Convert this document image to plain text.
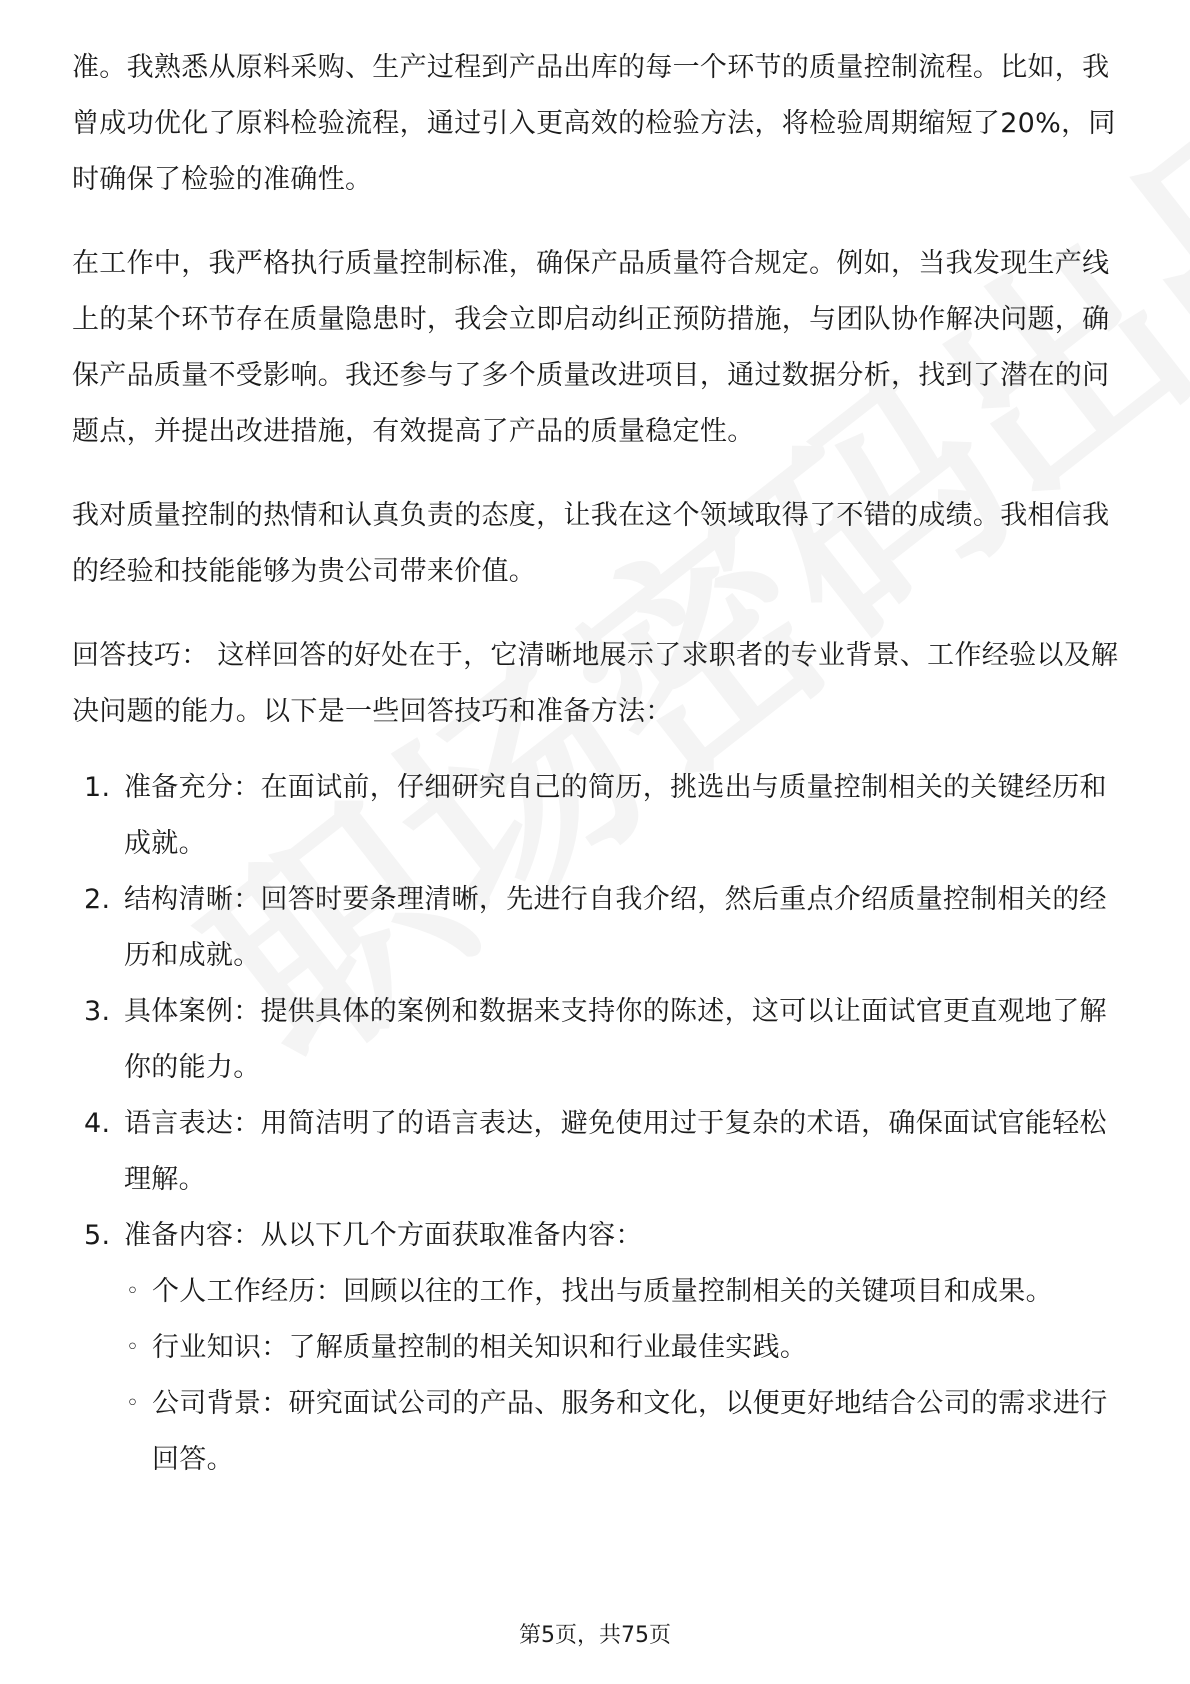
准。我熟悉从原料采购、生产过程到产品出库的每一个环节的质量控制流程。比如，我曾成功优化了原料检验流程，通过引入更高效的检验方法，将检验周期缩短了20%，同时确保了检验的准确性。

在工作中，我严格执行质量控制标准，确保产品质量符合规定。例如，当我发现生产线上的某个环节存在质量隐患时，我会立即启动纠正预防措施，与团队协作解决问题，确保产品质量不受影响。我还参与了多个质量改进项目，通过数据分析，找到了潜在的问题点，并提出改进措施，有效提高了产品的质量稳定性。

我对质量控制的热情和认真负责的态度，让我在这个领域取得了不错的成绩。我相信我的经验和技能能够为贵公司带来价值。

回答技巧： 这样回答的好处在于，它清晰地展示了求职者的专业背景、工作经验以及解决问题的能力。以下是一些回答技巧和准备方法：

1. 准备充分：在面试前，仔细研究自己的简历，挑选出与质量控制相关的关键经历和成就。
2. 结构清晰：回答时要条理清晰，先进行自我介绍，然后重点介绍质量控制相关的经历和成就。
3. 具体案例：提供具体的案例和数据来支持你的陈述，这可以让面试官更直观地了解你的能力。
4. 语言表达：用简洁明了的语言表达，避免使用过于复杂的术语，确保面试官能轻松理解。
5. 准备内容：从以下几个方面获取准备内容：
◦ 个人工作经历：回顾以往的工作，找出与质量控制相关的关键项目和成果。
◦ 行业知识：了解质量控制的相关知识和行业最佳实践。
◦ 公司背景：研究面试公司的产品、服务和文化，以便更好地结合公司的需求进行回答。
第5页，共75页
